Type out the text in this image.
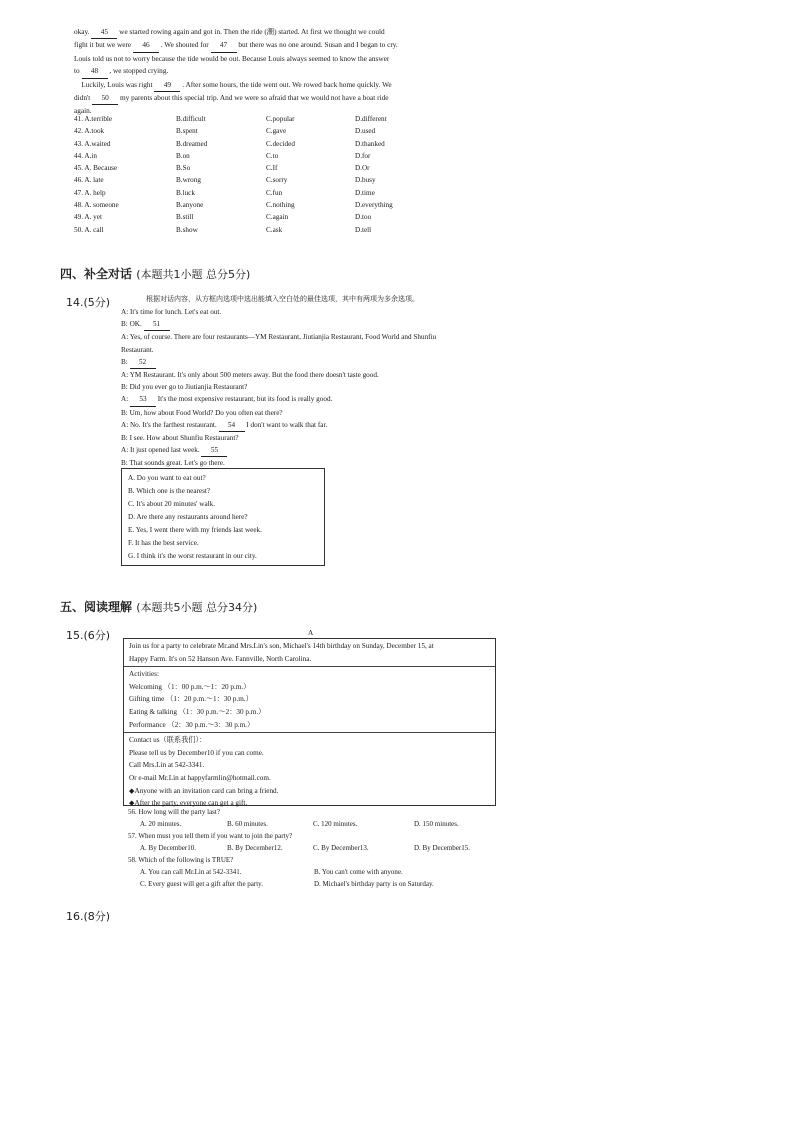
okay. 45 we started rowing again and got in. Then the ride (潮) started. At first we thought we could
fight it but we were 46 . We shouted for 47 but there was no one around. Susan and I began to cry.
Louis told us not to worry because the tide would be out. Because Louis always seemed to know the answer
to 48 , we stopped crying.
Luckily, Louis was right 49 . After some hours, the tide went out. We rowed back home quickly. We
didn't 50 my parents about this special trip. And we were so afraid that we would not have a boat ride
again.
41. A.terrible	B.difficult	C.popular	D.different
42. A.took	B.spent	C.gave	D.used
43. A.waited	B.dreamed	C.decided	D.thanked
44. A.in	B.on	C.to	D.for
45. A. Because	B.So	C.If	D.Or
46. A. late	B.wrong	C.sorry	D.busy
47. A. help	B.luck	C.fun	D.time
48. A. someone	B.anyone	C.nothing	D.everything
49. A. yet	B.still	C.again	D.too
50. A. call	B.show	C.ask	D.tell
四、补全对话 (本题共1小题 总分5分)
14.(5分)	根据对话内容，从方框内选项中选出能填入空白处的最佳选项，其中有两项为多余选项。
A: It's time for lunch. Let's eat out.
B: OK. 51
A: Yes, of course. There are four restaurants—YM Restaurant, Jiutianjia Restaurant, Food World and Shunfiu
Restaurant.
B: 52
A: YM Restaurant. It's only about 500 meters away. But the food there doesn't taste good.
B: Did you ever go to Jiutianjia Restaurant?
A: 53 It's the most expensive restaurant, but its food is really good.
B: Um, how about Food World? Do you often eat there?
A: No. It's the farthest restaurant. 54 I don't want to walk that far.
B: I see. How about Shunfiu Restaurant?
A: It just opened last week. 55
B: That sounds great. Let's go there.
A. Do you want to eat out?
B. Which one is the nearest?
C. It's about 20 minutes' walk.
D. Are there any restaurants around here?
E. Yes, I went there with my friends last week.
F. It has the best service.
G. I think it's the worst restaurant in our city.
五、阅读理解 (本题共5小题 总分34分)
15.(6分)	A
Join us for a party to celebrate Mr.and Mrs.Lin's son, Michael's 14th birthday on Sunday, December 15, at
Happy Farm. It's on 52 Hanson Ave. Fannville, North Carolina.
Activities:
Welcoming （1：00 p.m.～1：20 p.m.）
Gifting time （1：20 p.m.～1：30 p.m.）
Eating & talking （1：30 p.m.～2：30 p.m.）
Performance （2：30 p.m.～3：30 p.m.）
Contact us（联系我们）：
Please tell us by December10 if you can come.
Call Mrs.Lin at 542-3341.
Or e-mail Mr.Lin at happyfarmlin@hotmail.com.
◆Anyone with an invitation card can bring a friend.
◆After the party, everyone can get a gift.
56. How long will the party last?
A. 20 minutes.	B. 60 minutes.	C. 120 minutes.	D. 150 minutes.
57. When must you tell them if you want to join the party?
A. By December10.	B. By December12.	C. By December13.	D. By December15.
58. Which of the following is TRUE?
A. You can call Mr.Lin at 542-3341.	B. You can't come with anyone.
C. Every guest will get a gift after the party.	D. Michael's birthday party is on Saturday.
16.(8分)
